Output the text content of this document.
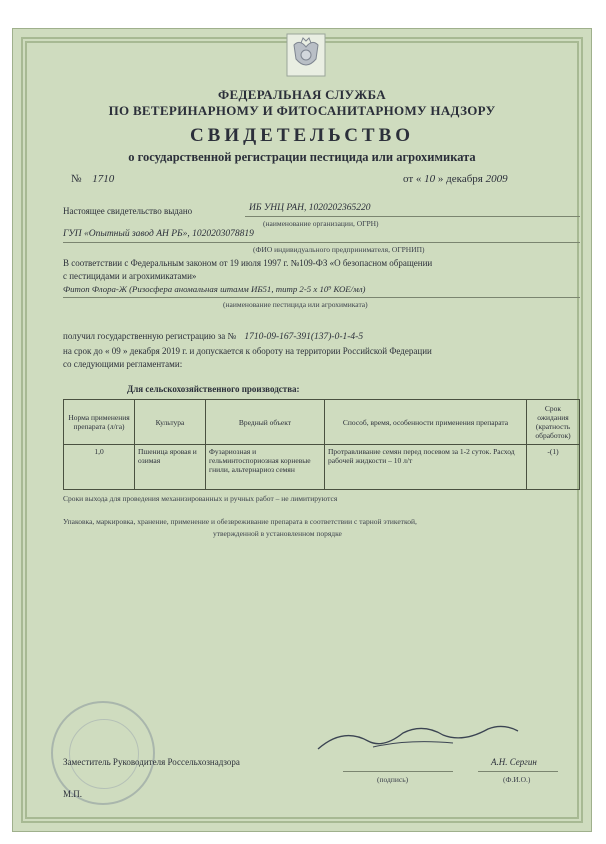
ФЕДЕРАЛЬНАЯ СЛУЖБА
ПО ВЕТЕРИНАРНОМУ И ФИТОСАНИТАРНОМУ НАДЗОРУ
СВИДЕТЕЛЬСТВО
о государственной регистрации пестицида или агрохимиката
№ 1710	от « 10 » декабря 2009
Настоящее свидетельство выдано	ИБ УНЦ РАН, 1020202365220
(наименование организации, ОГРН)
ГУП «Опытный завод АН РБ», 1020203078819
(ФИО индивидуального предпринимателя, ОГРНИП)
В соответствии с Федеральным законом от 19 июля 1997 г. №109-ФЗ «О безопасном обращении
с пестицидами и агрохимикатами»
Фитоп Флора-Ж (Ризосфера аномальная штамм ИБ51, титр 2-5 х 10⁹ КОЕ/мл)
(наименование пестицида или агрохимиката)
получил государственную регистрацию за № 1710-09-167-391(137)-0-1-4-5
на срок до « 09 » декабря 2019 г. и допускается к обороту на территории Российской Федерации
со следующими регламентами:
Для сельскохозяйственного производства:
Норма применения препарата (л/га)	Культура	Вредный объект	Способ, время, особенности применения препарата	Срок ожидания (кратность обработок)
1,0	Пшеница яровая и озимая	Фузариозная и гельминтоспориозная корневые гнили, альтернариоз семян	Протравливание семян перед посевом за 1-2 суток. Расход рабочей жидкости – 10 л/т	-(1)
Сроки выхода для проведения механизированных и ручных работ – не лимитируются
Упаковка, маркировка, хранение, применение и обезвреживание препарата в соответствии с тарной этикеткой,
утвержденной в установленном порядке
Заместитель Руководителя Россельхознадзора
(подпись)
А.Н. Сергин
(Ф.И.О.)
М.П.
